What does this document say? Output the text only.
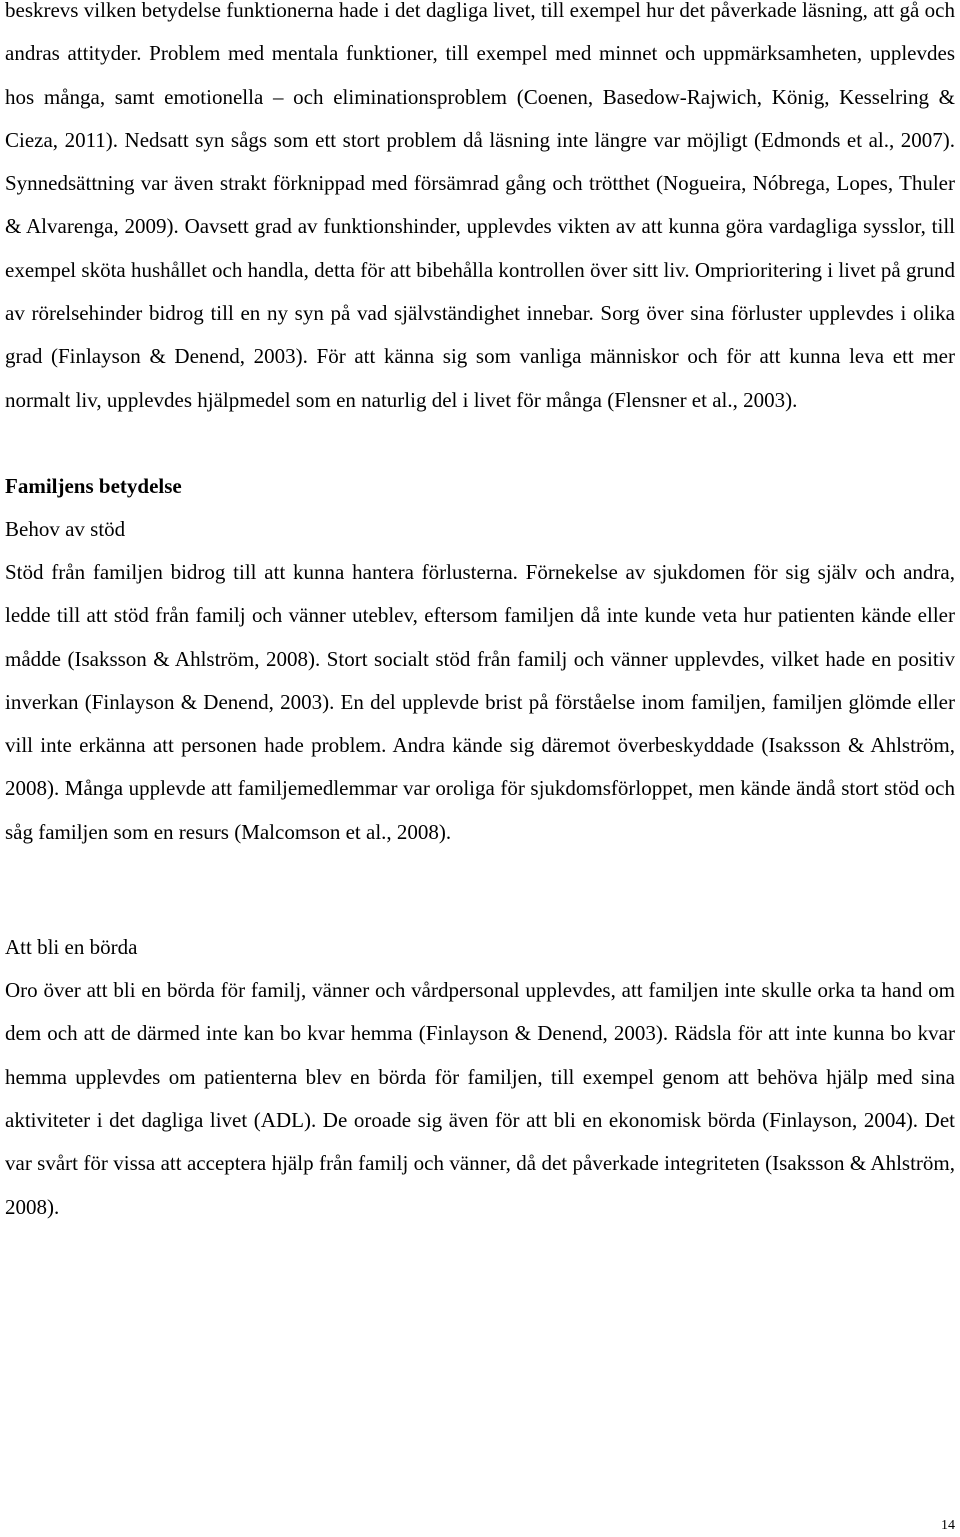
beskrevs vilken betydelse funktionerna hade i det dagliga livet, till exempel hur det påverkade läsning, att gå och andras attityder. Problem med mentala funktioner, till exempel med minnet och uppmärksamheten, upplevdes hos många, samt emotionella – och eliminationsproblem (Coenen, Basedow-Rajwich, König, Kesselring & Cieza, 2011). Nedsatt syn sågs som ett stort problem då läsning inte längre var möjligt (Edmonds et al., 2007). Synnedsättning var även strakt förknippad med försämrad gång och trötthet (Nogueira, Nóbrega, Lopes, Thuler & Alvarenga, 2009). Oavsett grad av funktionshinder, upplevdes vikten av att kunna göra vardagliga sysslor, till exempel sköta hushållet och handla, detta för att bibehålla kontrollen över sitt liv. Omprioritering i livet på grund av rörelsehinder bidrog till en ny syn på vad självständighet innebar. Sorg över sina förluster upplevdes i olika grad (Finlayson & Denend, 2003). För att känna sig som vanliga människor och för att kunna leva ett mer normalt liv, upplevdes hjälpmedel som en naturlig del i livet för många (Flensner et al., 2003).

Familjens betydelse

Behov av stöd

Stöd från familjen bidrog till att kunna hantera förlusterna. Förnekelse av sjukdomen för sig själv och andra, ledde till att stöd från familj och vänner uteblev, eftersom familjen då inte kunde veta hur patienten kände eller mådde (Isaksson & Ahlström, 2008). Stort socialt stöd från familj och vänner upplevdes, vilket hade en positiv inverkan (Finlayson & Denend, 2003). En del upplevde brist på förståelse inom familjen, familjen glömde eller vill inte erkänna att personen hade problem. Andra kände sig däremot överbeskyddade (Isaksson & Ahlström, 2008). Många upplevde att familjemedlemmar var oroliga för sjukdomsförloppet, men kände ändå stort stöd och såg familjen som en resurs (Malcomson et al., 2008).

Att bli en börda

Oro över att bli en börda för familj, vänner och vårdpersonal upplevdes, att familjen inte skulle orka ta hand om dem och att de därmed inte kan bo kvar hemma (Finlayson & Denend, 2003). Rädsla för att inte kunna bo kvar hemma upplevdes om patienterna blev en börda för familjen, till exempel genom att behöva hjälp med sina aktiviteter i det dagliga livet (ADL). De oroade sig även för att bli en ekonomisk börda (Finlayson, 2004). Det var svårt för vissa att acceptera hjälp från familj och vänner, då det påverkade integriteten (Isaksson & Ahlström, 2008).

14
